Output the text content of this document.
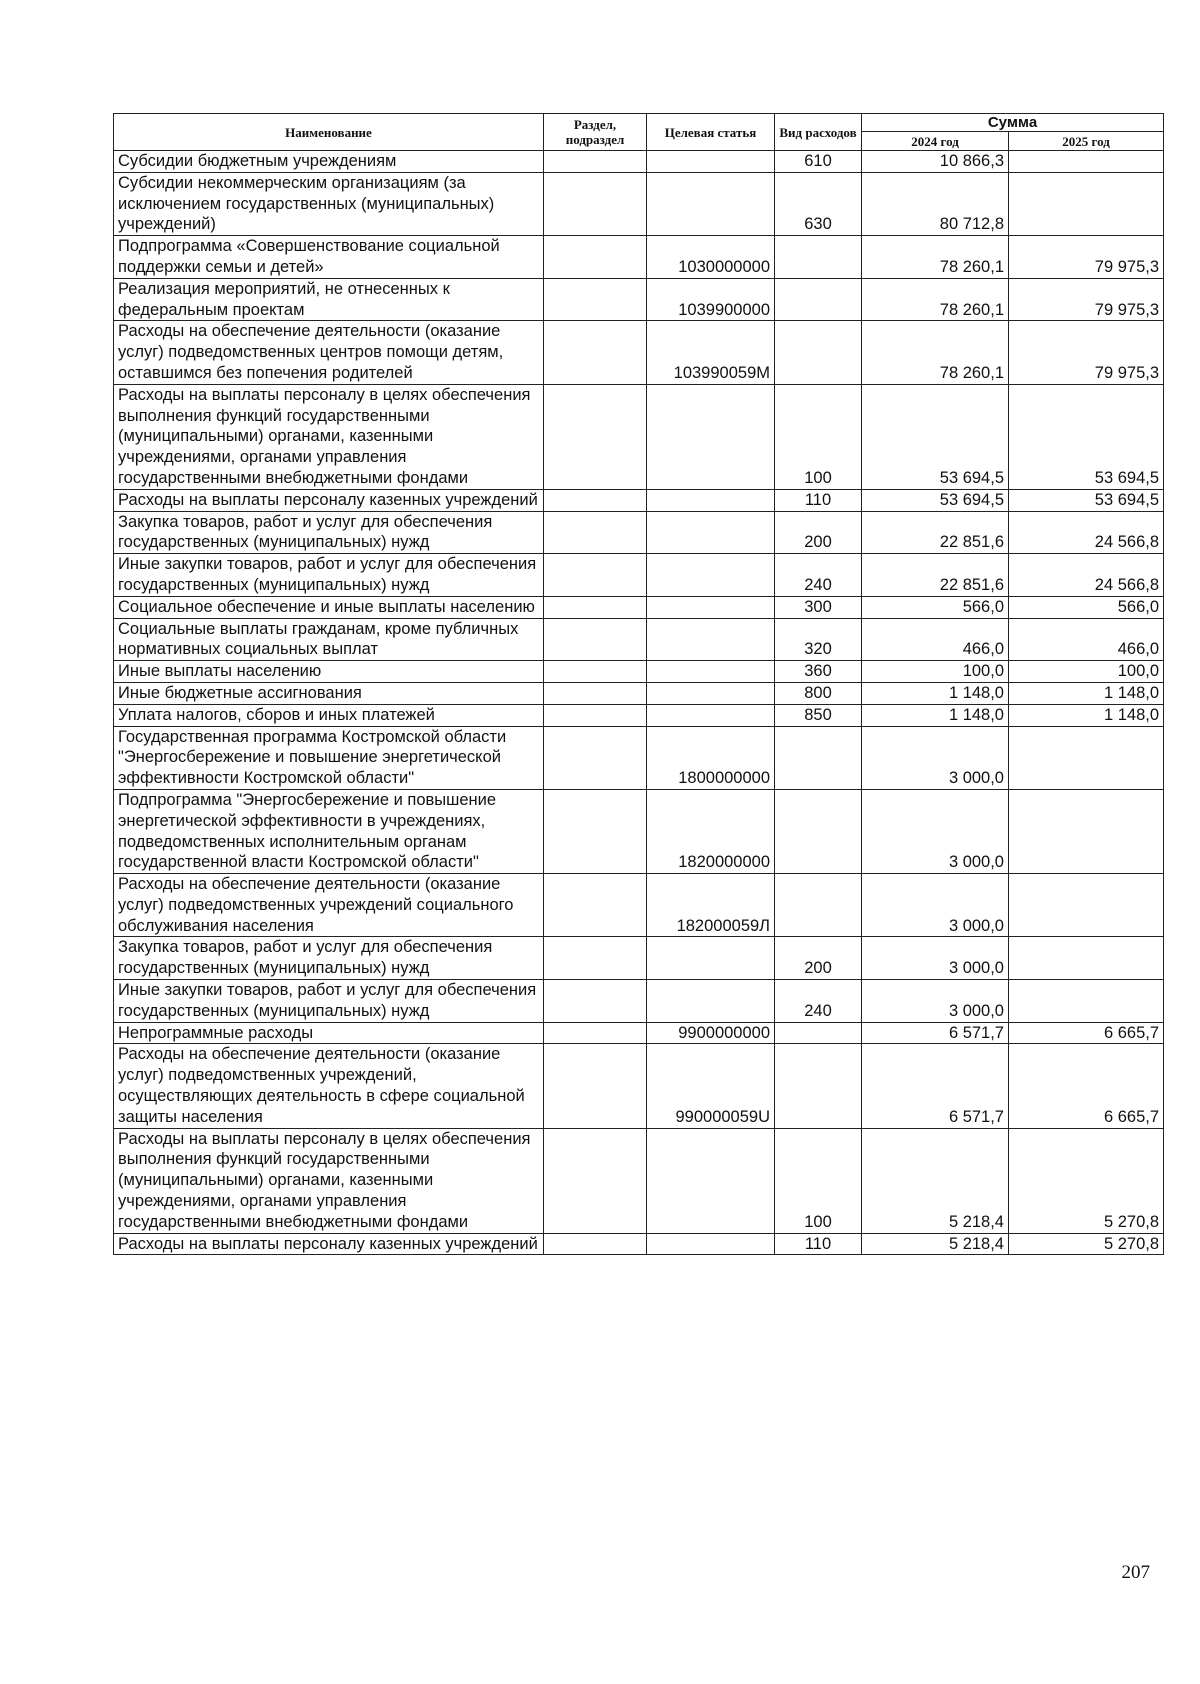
Наименование	Раздел, подраздел	Целевая статья	Вид расходов	Сумма	
				2024 год	2025 год
Субсидии бюджетным учреждениям			610	10 866,3	
Субсидии некоммерческим организациям (за исключением государственных (муниципальных) учреждений)			630	80 712,8	
Подпрограмма «Совершенствование социальной поддержки семьи и детей»		1030000000		78 260,1	79 975,3
Реализация мероприятий, не отнесенных к федеральным проектам		1039900000		78 260,1	79 975,3
Расходы на обеспечение деятельности (оказание услуг) подведомственных центров помощи детям, оставшимся без попечения родителей		103990059М		78 260,1	79 975,3
Расходы на выплаты персоналу в целях обеспечения выполнения функций государственными (муниципальными) органами, казенными учреждениями, органами управления государственными внебюджетными фондами			100	53 694,5	53 694,5
Расходы на выплаты персоналу казенных учреждений			110	53 694,5	53 694,5
Закупка товаров, работ и услуг для обеспечения государственных (муниципальных) нужд			200	22 851,6	24 566,8
Иные закупки товаров, работ и услуг для обеспечения государственных (муниципальных) нужд			240	22 851,6	24 566,8
Социальное обеспечение и иные выплаты населению			300	566,0	566,0
Социальные выплаты гражданам, кроме публичных нормативных социальных выплат			320	466,0	466,0
Иные выплаты населению			360	100,0	100,0
Иные бюджетные ассигнования			800	1 148,0	1 148,0
Уплата налогов, сборов и иных платежей			850	1 148,0	1 148,0
Государственная программа Костромской области "Энергосбережение и повышение энергетической эффективности Костромской области"		1800000000		3 000,0	
Подпрограмма "Энергосбережение и повышение энергетической эффективности в учреждениях, подведомственных исполнительным органам государственной власти Костромской области"		1820000000		3 000,0	
Расходы на обеспечение деятельности (оказание услуг) подведомственных учреждений социального обслуживания населения		182000059Л		3 000,0	
Закупка товаров, работ и услуг для обеспечения государственных (муниципальных) нужд			200	3 000,0	
Иные закупки товаров, работ и услуг для обеспечения государственных (муниципальных) нужд			240	3 000,0	
Непрограммные расходы		9900000000		6 571,7	6 665,7
Расходы на обеспечение деятельности (оказание услуг) подведомственных учреждений, осуществляющих деятельность в сфере социальной защиты населения		990000059U		6 571,7	6 665,7
Расходы на выплаты персоналу в целях обеспечения выполнения функций государственными (муниципальными) органами, казенными учреждениями, органами управления государственными внебюджетными фондами			100	5 218,4	5 270,8
Расходы на выплаты персоналу казенных учреждений			110	5 218,4	5 270,8
207
